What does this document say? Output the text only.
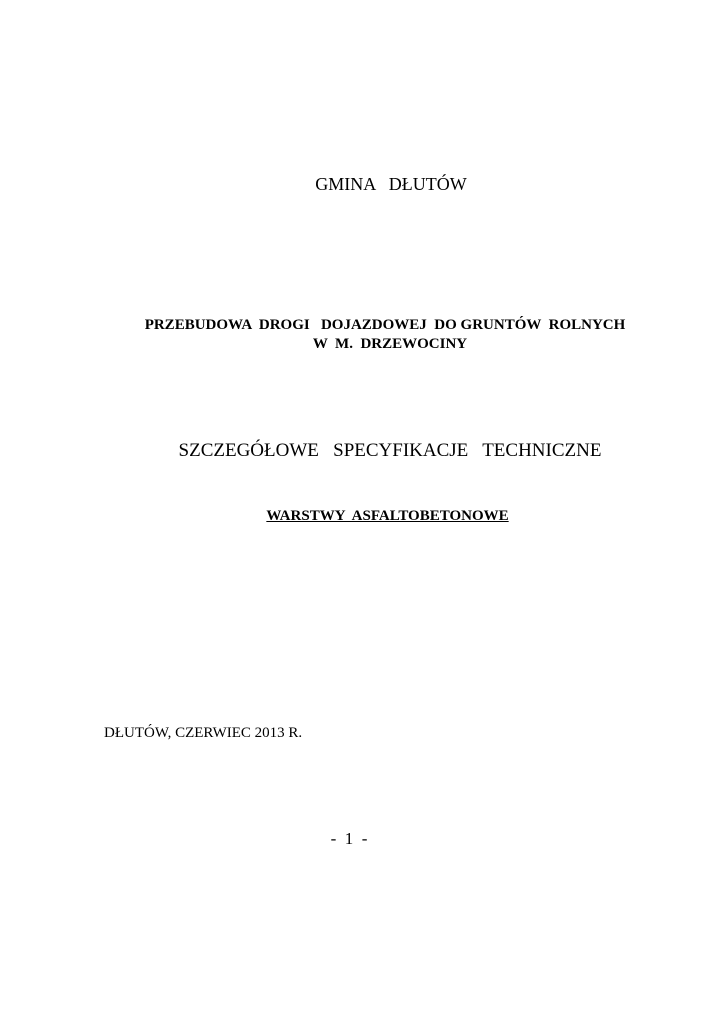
GMINA   DŁUTÓW
PRZEBUDOWA  DROGI   DOJAZDOWEJ  DO GRUNTÓW  ROLNYCH
W  M.  DRZEWOCINY
SZCZEGÓŁOWE   SPECYFIKACJE   TECHNICZNE
WARSTWY  ASFALTOBETONOWE
DŁUTÓW, CZERWIEC 2013 R.
-  1  -
